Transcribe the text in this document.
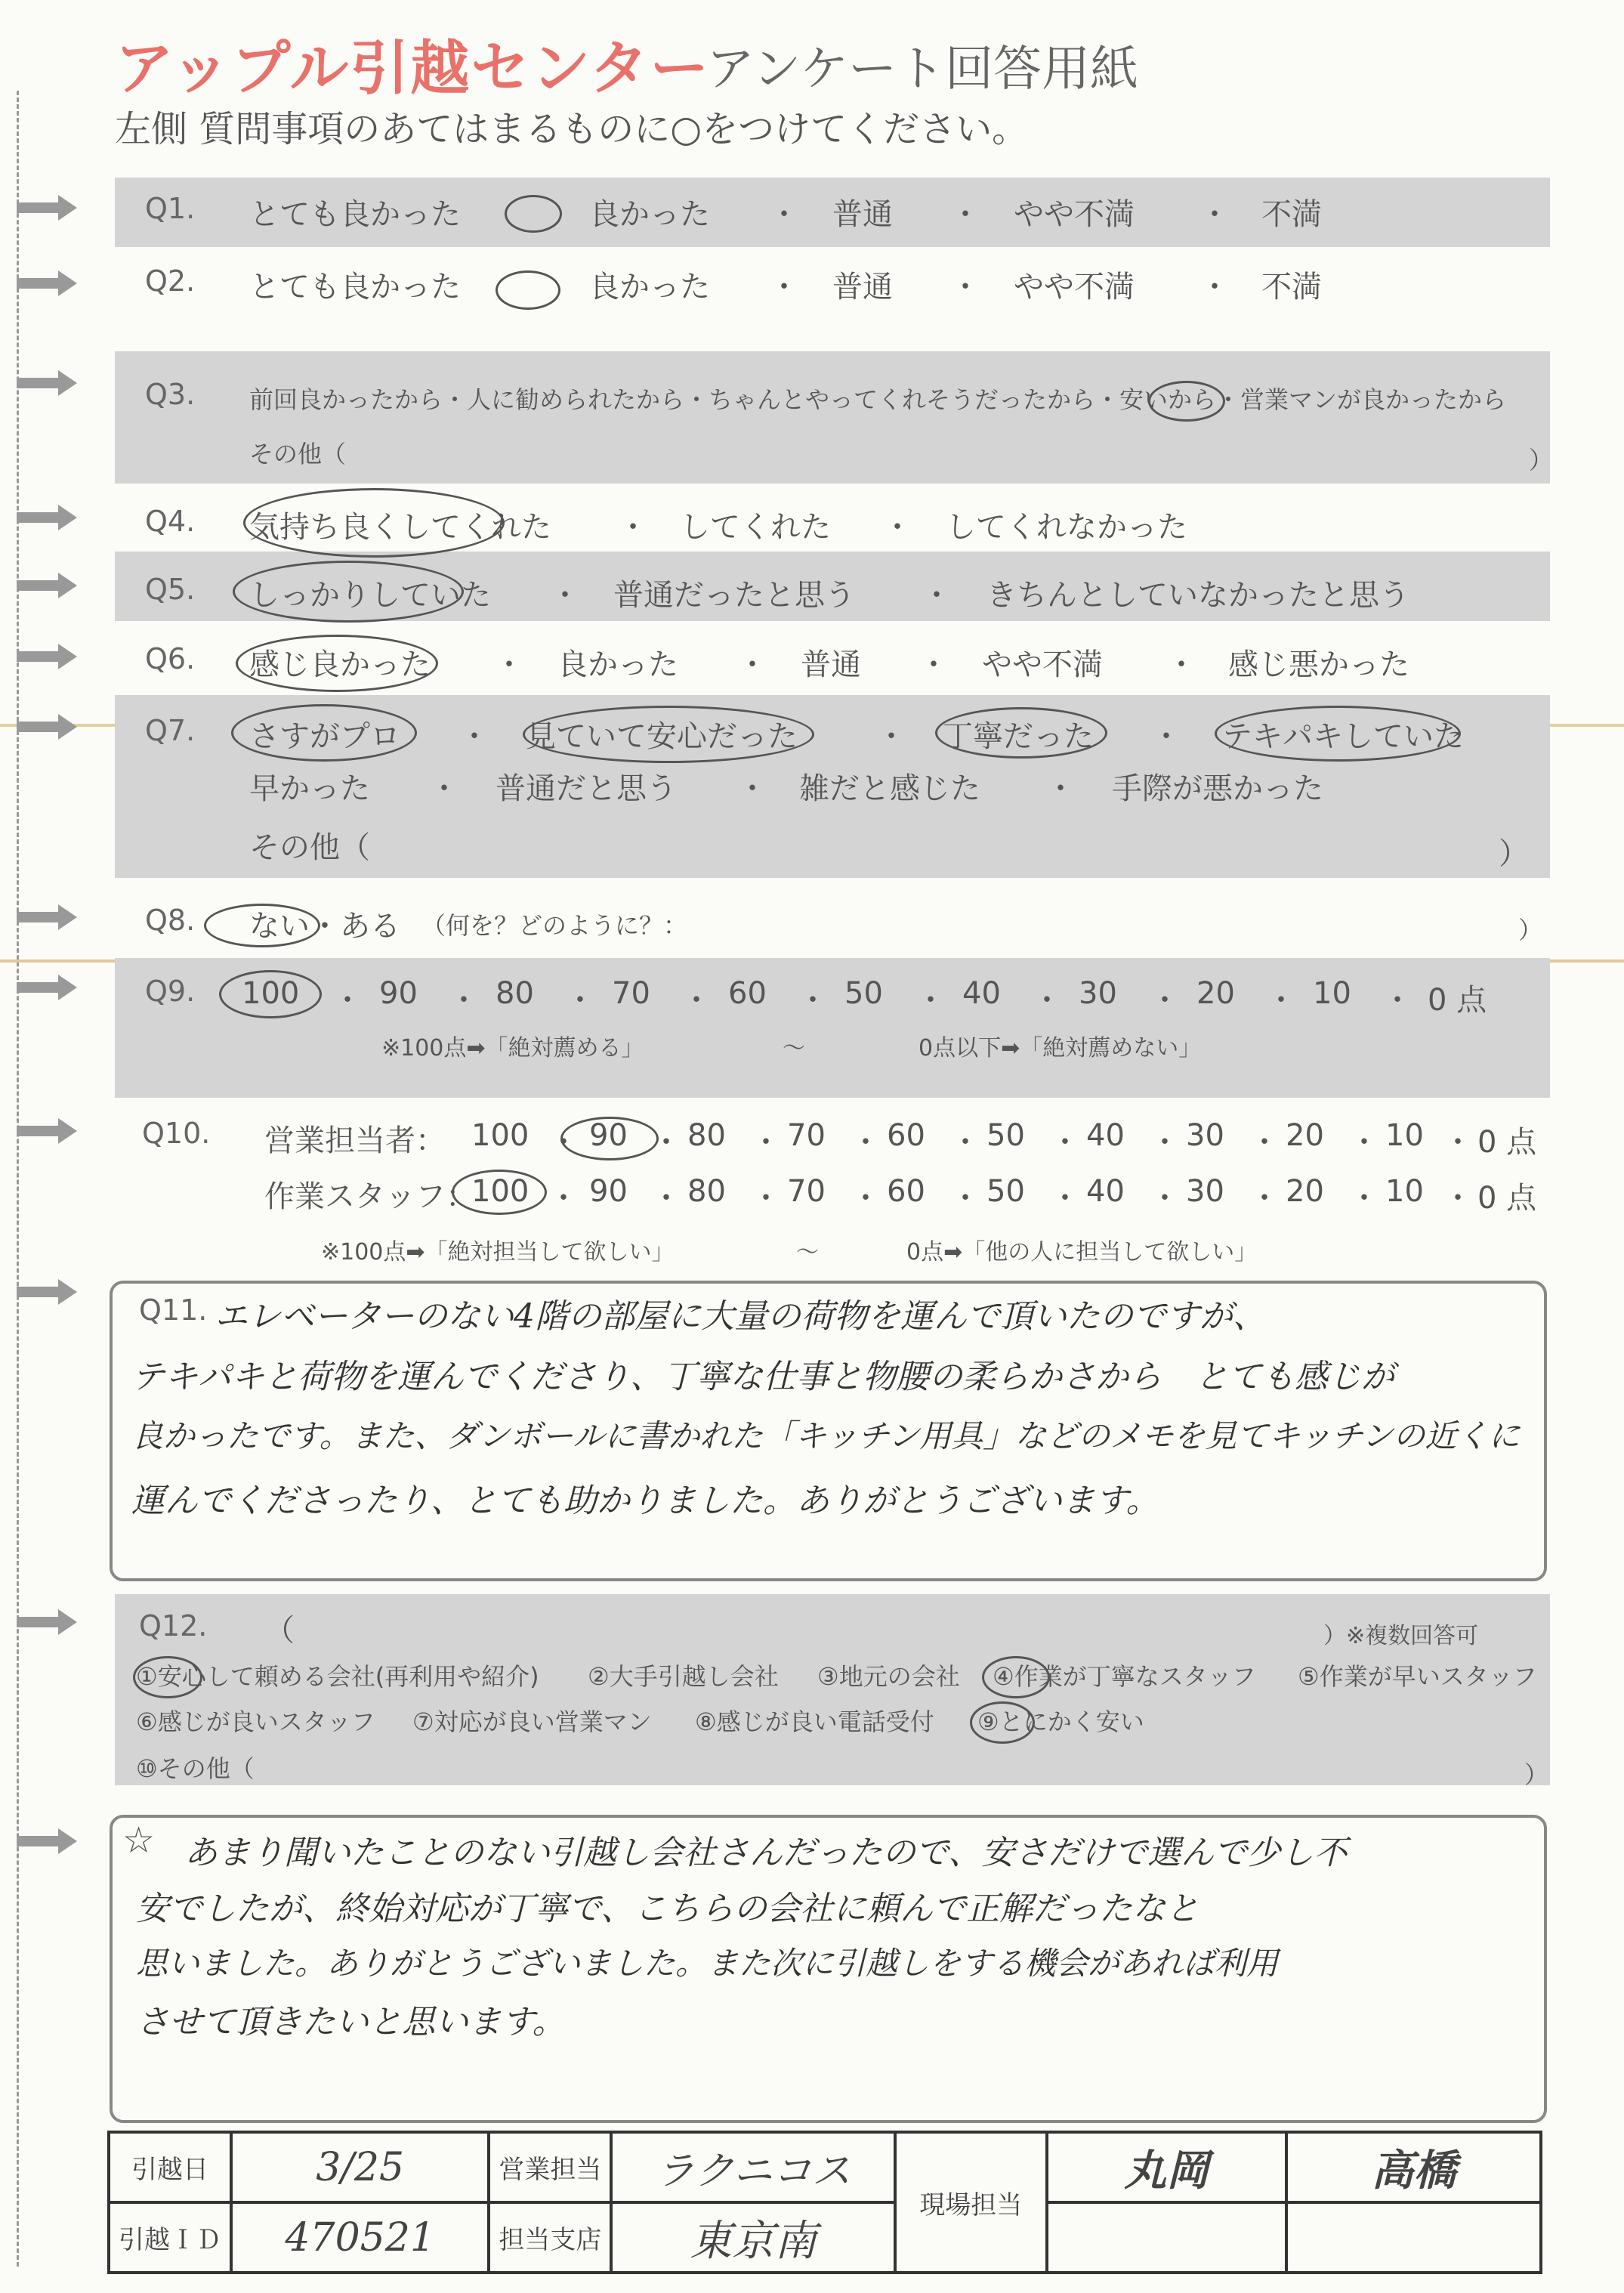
アップル引越センター
アンケート回答用紙
左側 質問事項のあてはまるものに○をつけてください。
Q1. とても良かった	良かった ・ 普通 ・ やや不満 ・ 不満
Q2. とても良かった	良かった ・ 普通 ・ やや不満 ・ 不満
Q3. 前回良かったから・人に勧められたから・ちゃんとやってくれそうだったから・安いから・営業マンが良かったから
その他（	）
Q4. 気持ち良くしてくれた ・ してくれた ・ してくれなかった
Q5. しっかりしていた ・ 普通だったと思う ・ きちんとしていなかったと思う
Q6. 感じ良かった ・ 良かった ・ 普通 ・ やや不満 ・ 感じ悪かった
Q7. さすがプロ ・ 見ていて安心だった	・ 丁寧だった ・ テキパキしていた
早かった ・ 普通だと思う ・ 雑だと感じた ・ 手際が悪かった
その他（	）
Q8. ない・ある （何を？どのように？：	）
Q9. 100 ・ 90 ・ 80 ・ 70 ・ 60 ・ 50 ・ 40 ・ 30 ・ 20 ・ 10 ・ 0 点
※100点➡「絶対薦める」	〜	0点以下➡「絶対薦めない」
Q10. 営業担当者： 100 ・ 90 ・ 80 ・ 70 ・ 60 ・ 50 ・ 40 ・ 30 ・ 20 ・ 10 ・ 0 点
作業スタッフ：
100 ・ 90 ・ 80 ・ 70 ・ 60 ・ 50 ・ 40 ・ 30 ・ 20 ・ 10 ・ 0 点
※100点➡「絶対担当して欲しい」	〜	0点➡「他の人に担当して欲しい」
Q11. エレベーターのない4階の部屋に大量の荷物を運んで頂いたのですが、
テキパキと荷物を運んでくださり、丁寧な仕事と物腰の柔らかさから　とても感じが
良かったです。また、ダンボールに書かれた「キッチン用具」などのメモを見てキッチンの近くに
運んでくださったり、とても助かりました。ありがとうございます。
Q12. （	）※複数回答可
①安心して頼める会社(再利用や紹介) ②大手引越し会社 ③地元の会社 ④作業が丁寧なスタッフ ⑤作業が早いスタッフ
⑥感じが良いスタッフ ⑦対応が良い営業マン ⑧感じが良い電話受付 ⑨とにかく安い
⑩その他（	）
☆ あまり聞いたことのない引越し会社さんだったので、安さだけで選んで少し不
安でしたが、終始対応が丁寧で、こちらの会社に頼んで正解だったなと
思いました。ありがとうございました。また次に引越しをする機会があれば利用
させて頂きたいと思います。
引越日	3/25	営業担当	ラクニコス	現場担当	丸岡	高橋
引越ＩＤ	470521	担当支店	東京南			
